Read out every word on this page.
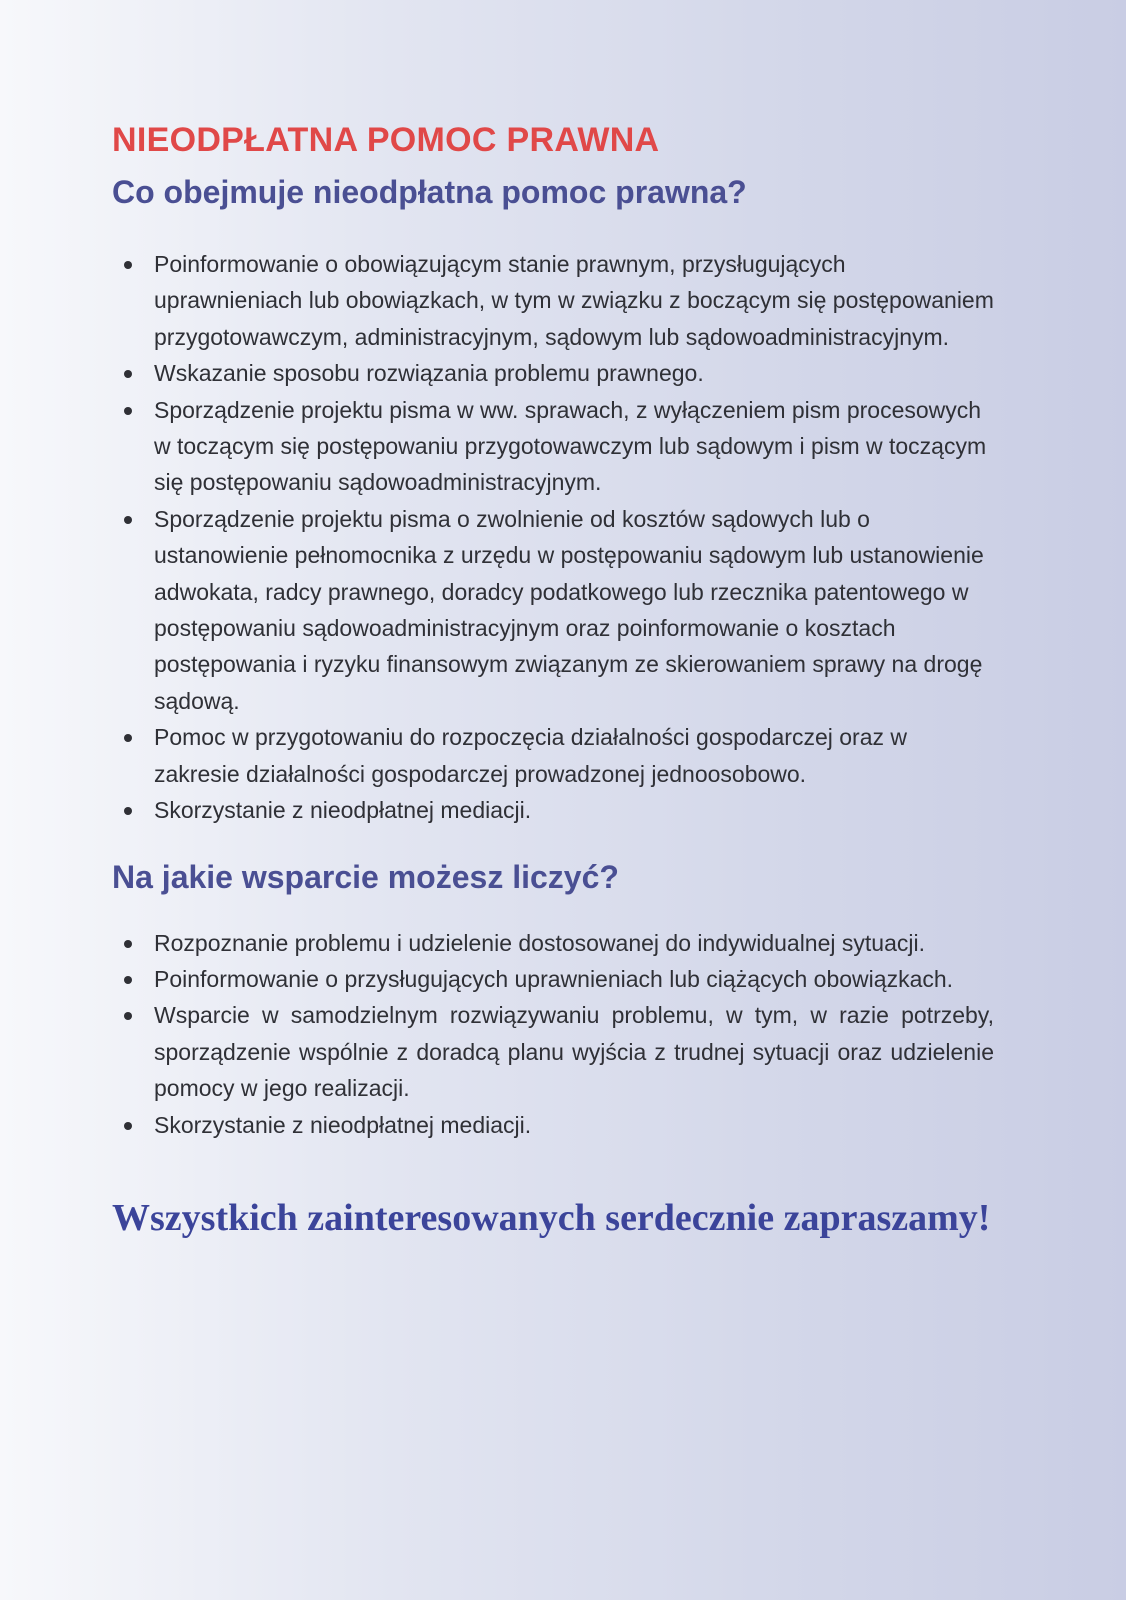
NIEODPŁATNA POMOC PRAWNA
Co obejmuje nieodpłatna pomoc prawna?
Poinformowanie o obowiązującym stanie prawnym, przysługujących uprawnieniach lub obowiązkach, w tym w związku z boczącym się postępowaniem przygotowawczym, administracyjnym, sądowym lub sądowoadministracyjnym.
Wskazanie sposobu rozwiązania problemu prawnego.
Sporządzenie projektu pisma w ww. sprawach, z wyłączeniem pism procesowych w toczącym się postępowaniu przygotowawczym lub sądowym i pism w toczącym się postępowaniu sądowoadministracyjnym.
Sporządzenie projektu pisma o zwolnienie od kosztów sądowych lub o ustanowienie pełnomocnika z urzędu w postępowaniu sądowym lub ustanowienie adwokata, radcy prawnego, doradcy podatkowego lub rzecznika patentowego w postępowaniu sądowoadministracyjnym oraz poinformowanie o kosztach postępowania i ryzyku finansowym związanym ze skierowaniem sprawy na drogę sądową.
Pomoc w przygotowaniu do rozpoczęcia działalności gospodarczej oraz w zakresie działalności gospodarczej prowadzonej jednoosobowo.
Skorzystanie z nieodpłatnej mediacji.
Na jakie wsparcie możesz liczyć?
Rozpoznanie problemu i udzielenie dostosowanej do indywidualnej sytuacji.
Poinformowanie o przysługujących uprawnieniach lub ciążących obowiązkach.
Wsparcie w samodzielnym rozwiązywaniu problemu, w tym, w razie potrzeby, sporządzenie wspólnie z doradcą planu wyjścia z trudnej sytuacji oraz udzielenie pomocy w jego realizacji.
Skorzystanie z nieodpłatnej mediacji.

Wszystkich zainteresowanych serdecznie zapraszamy!
